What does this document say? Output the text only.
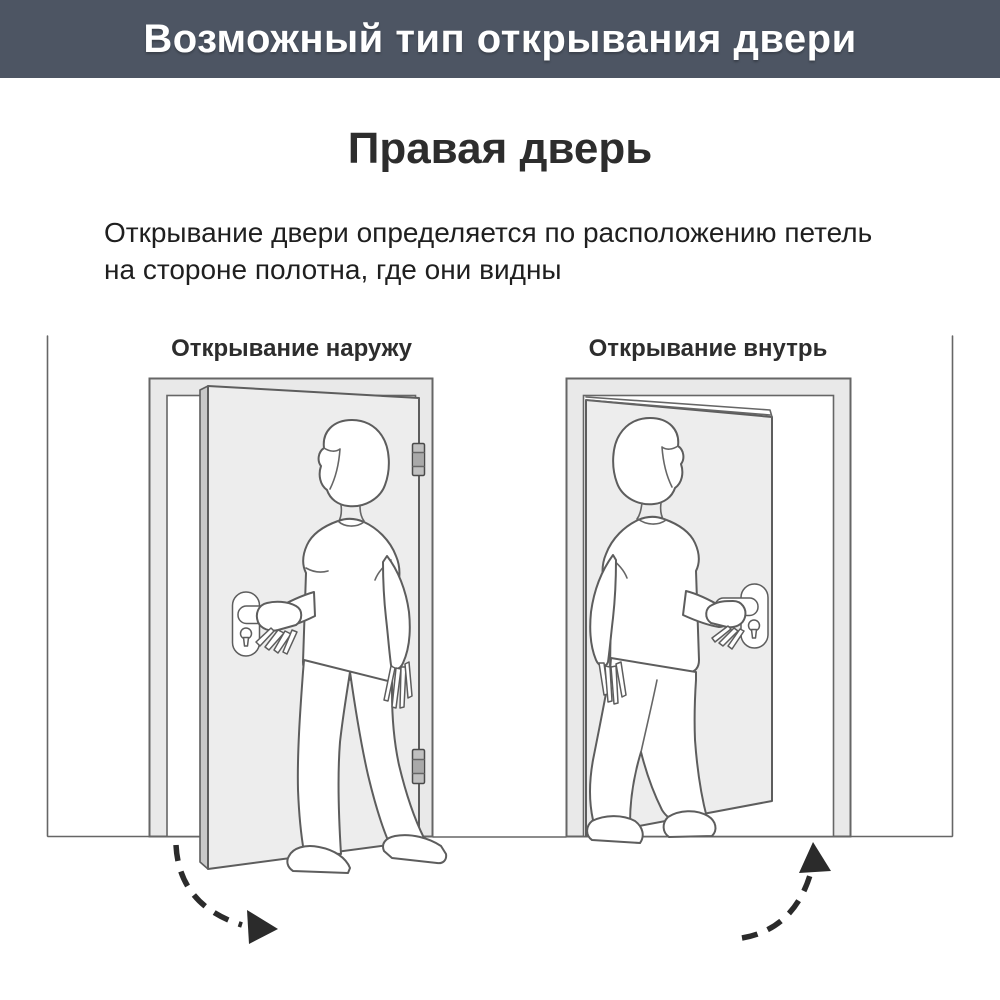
Возможный тип открывания двери
Правая дверь
Открывание двери определяется по расположению петель
на стороне полотна, где они видны
Открывание наружу	Открывание внутрь
